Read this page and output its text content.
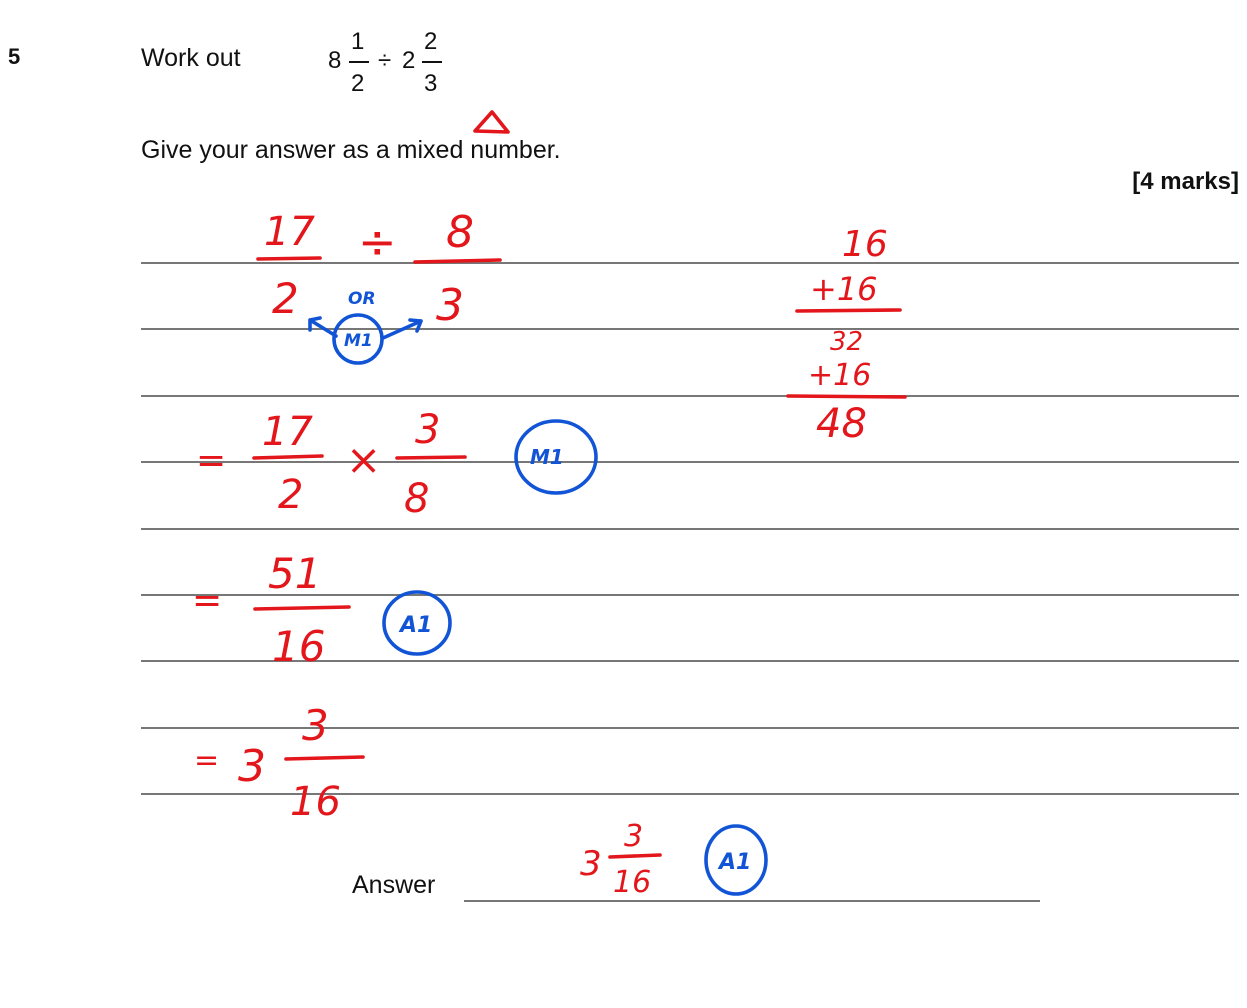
5	Work out	8
1
2
÷ 2
2
3
Give your answer as a mixed number.
[4 marks]
Answer
17
2
÷ 8
3
OR
M1
=
17
2
×
3
8
M1
=
51
16	A1
= 3
3
16
16
+16
32
+16
48
3
3
16
A1
